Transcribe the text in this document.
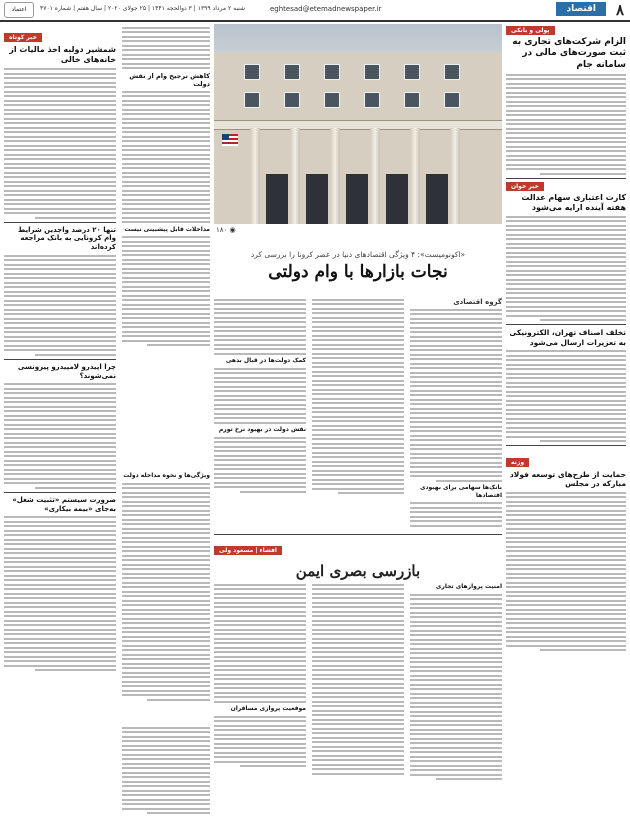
۸
اقتصاد
eghtesad@etemadnewspaper.ir
شنبه ۲ مرداد ۱۳۹۹ | ۳ ذوالحجه ۱۴۴۱ | ۲۵ جولای ۲۰۲۰ | سال هفتم | شماره ۴۷۰۱
اعتماد
پولی و بانکی
الزام شرکت‌های تجاری به ثبت صورت‌های مالی در سامانه جام
خبر خوان
کارت اعتباری سهام عدالت هفته آینده ارایه می‌شود
تخلف اصناف تهران، الکترونیکی به تعزیرات ارسال می‌شود
وزنه
حمایت از طرح‌های توسعه فولاد مبارکه در مجلس
کاهش ترجیح وام از نقش دولت
مداخلات قابل پیشبینی نیست	◉ ۱۸۰
«اکونومیست»: ۴ ویژگی اقتصادهای دنیا در عصر کرونا را بررسی کرد
نجات بازارها با وام دولتی
گروه اقتصادی
بانک‌ها سهامی برای بهبودی اقتصادها
کمک دولت‌ها در قبال بدهی
نقش دولت در بهبود نرخ تورم
ویژگی‌ها و نحوه مداخله دولت
افشاء | مسعود ولی
بازرسی بصری ایمن
امنیت پروازهای تجاری
موقعیت پروازی مسافران
خبر کوتاه
شمشیر دولبه اخذ مالیات از خانه‌های خالی
تنها ۲۰ درصد واجدین شرایط وام کرونایی به بانک مراجعه کرده‌اند
چرا اپیدرو لامپیدرو پیرونسی نمی‌شوند؟
ضرورت سیستم «تثبیت شغل» به‌جای «بیمه بیکاری»
